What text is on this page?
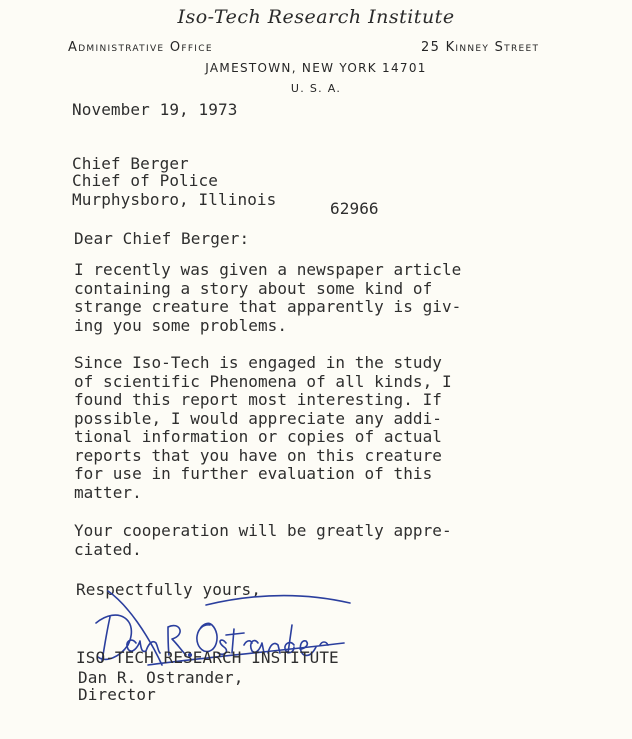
Iso-Tech Research Institute
Administrative Office	25 Kinney Street
JAMESTOWN, NEW YORK 14701
U. S. A.
November 19, 1973
Chief Berger
Chief of Police
Murphysboro, Illinois	62966
Dear Chief Berger:
I recently was given a newspaper article
containing a story about some kind of
strange creature that apparently is giv-
ing you some problems.
Since Iso-Tech is engaged in the study
of scientific Phenomena of all kinds, I
found this report most interesting. If
possible, I would appreciate any addi-
tional information or copies of actual
reports that you have on this creature
for use in further evaluation of this
matter.
Your cooperation will be greatly appre-
ciated.
Respectfully yours,
ISO-TECH RESEARCH INSTITUTE
Dan R. Ostrander,
Director
